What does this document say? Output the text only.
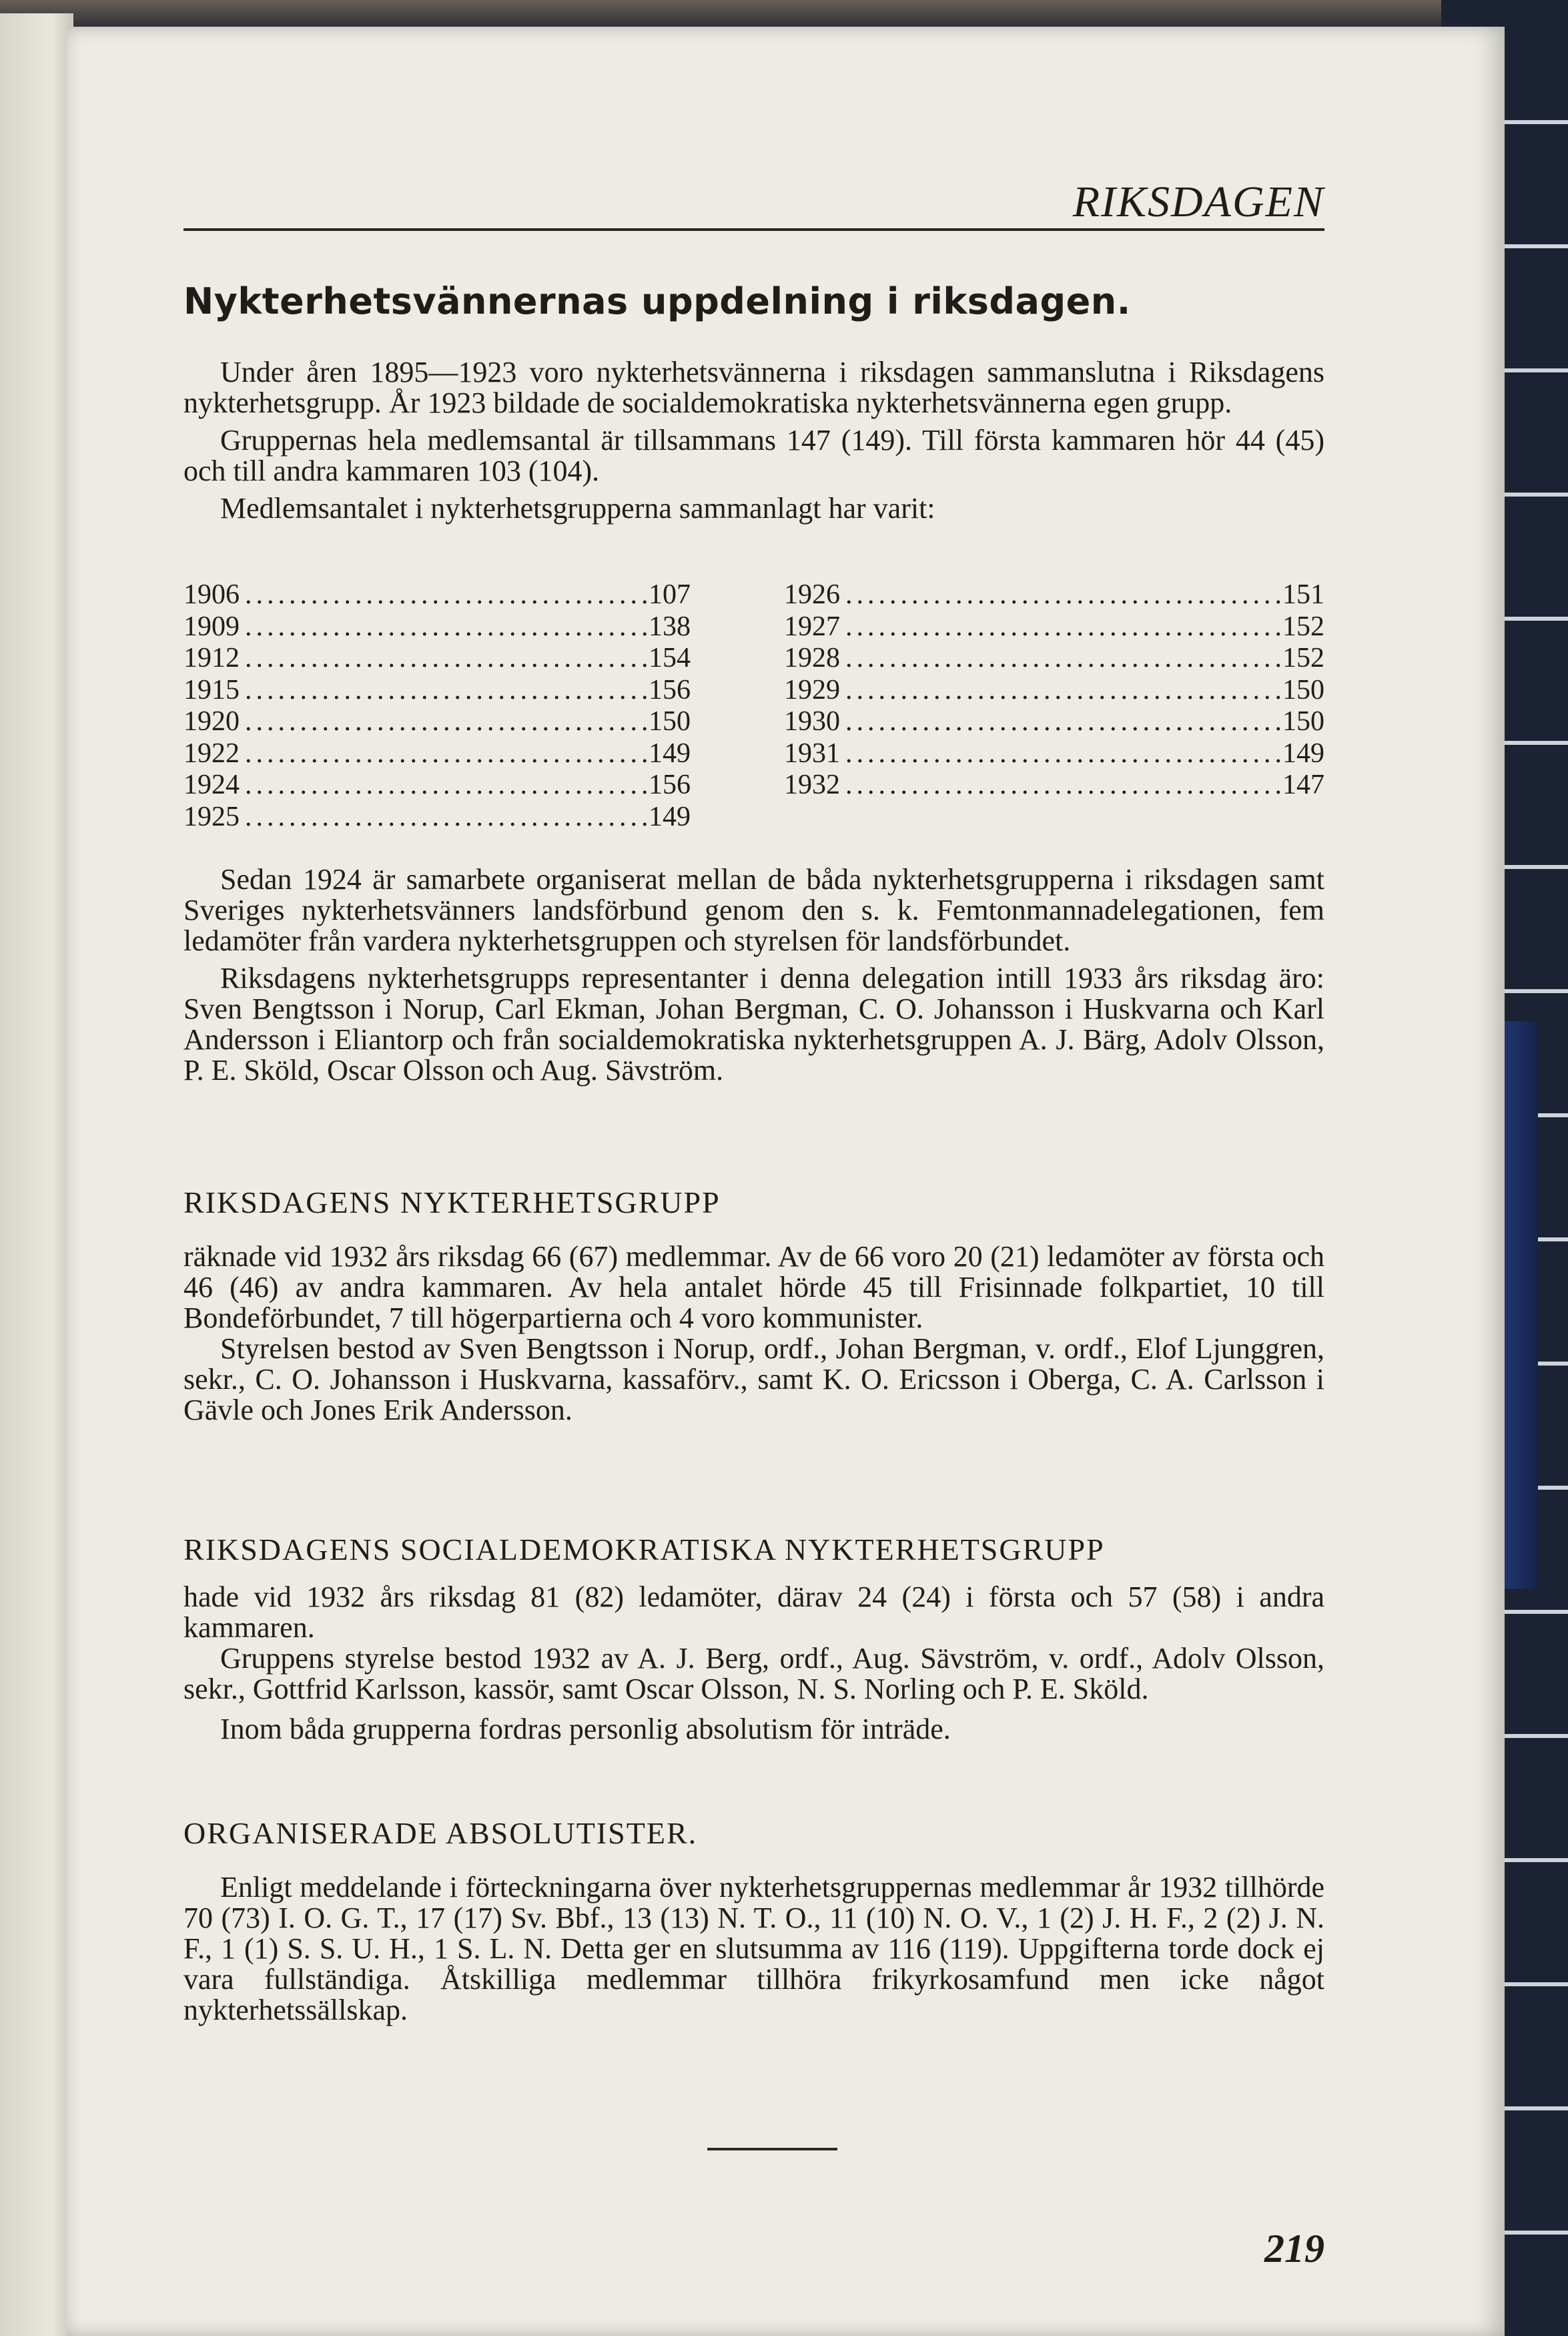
RIKSDAGEN
Nykterhetsvännernas uppdelning i riksdagen.

Under åren 1895—1923 voro nykterhetsvännerna i riksdagen sammanslutna i Riksdagens nykterhetsgrupp. År 1923 bildade de socialdemokratiska nykterhetsvännerna egen grupp.

Gruppernas hela medlemsantal är tillsammans 147 (149). Till första kammaren hör 44 (45) och till andra kammaren 103 (104).

Medlemsantalet i nykterhetsgrupperna sammanlagt har varit:

1906 .....	107
1909 .....	138
1912 .....	154
1915 .....	156
1920 .....	150
1922 .....	149
1924 .....	156
1925 .....	149
1926 .....	151
1927 .....	152
1928 .....	152
1929 .....	150
1930 .....	150
1931 .....	149
1932 .....	147

Sedan 1924 är samarbete organiserat mellan de båda nykterhetsgrupperna i riksdagen samt Sveriges nykterhetsvänners landsförbund genom den s. k. Femtonmannadelegationen, fem ledamöter från vardera nykterhetsgruppen och styrelsen för landsförbundet.

Riksdagens nykterhetsgrupps representanter i denna delegation intill 1933 års riksdag äro: Sven Bengtsson i Norup, Carl Ekman, Johan Bergman, C. O. Johansson i Huskvarna och Karl Andersson i Eliantorp och från socialdemokratiska nykterhetsgruppen A. J. Bärg, Adolv Olsson, P. E. Sköld, Oscar Olsson och Aug. Sävström.

RIKSDAGENS NYKTERHETSGRUPP

räknade vid 1932 års riksdag 66 (67) medlemmar. Av de 66 voro 20 (21) ledamöter av första och 46 (46) av andra kammaren. Av hela antalet hörde 45 till Frisinnade folkpartiet, 10 till Bondeförbundet, 7 till högerpartierna och 4 voro kommunister.

Styrelsen bestod av Sven Bengtsson i Norup, ordf., Johan Bergman, v. ordf., Elof Ljunggren, sekr., C. O. Johansson i Huskvarna, kassaförv., samt K. O. Ericsson i Oberga, C. A. Carlsson i Gävle och Jones Erik Andersson.

RIKSDAGENS SOCIALDEMOKRATISKA NYKTERHETSGRUPP

hade vid 1932 års riksdag 81 (82) ledamöter, därav 24 (24) i första och 57 (58) i andra kammaren.

Gruppens styrelse bestod 1932 av A. J. Berg, ordf., Aug. Sävström, v. ordf., Adolv Olsson, sekr., Gottfrid Karlsson, kassör, samt Oscar Olsson, N. S. Norling och P. E. Sköld.

Inom båda grupperna fordras personlig absolutism för inträde.

ORGANISERADE ABSOLUTISTER.

Enligt meddelande i förteckningarna över nykterhetsgruppernas medlemmar år 1932 tillhörde 70 (73) I. O. G. T., 17 (17) Sv. Bbf., 13 (13) N. T. O., 11 (10) N. O. V., 1 (2) J. H. F., 2 (2) J. N. F., 1 (1) S. S. U. H., 1 S. L. N. Detta ger en slutsumma av 116 (119). Uppgifterna torde dock ej vara fullständiga. Åtskilliga medlemmar tillhöra frikyrkosamfund men icke något nykterhetssällskap.

219
